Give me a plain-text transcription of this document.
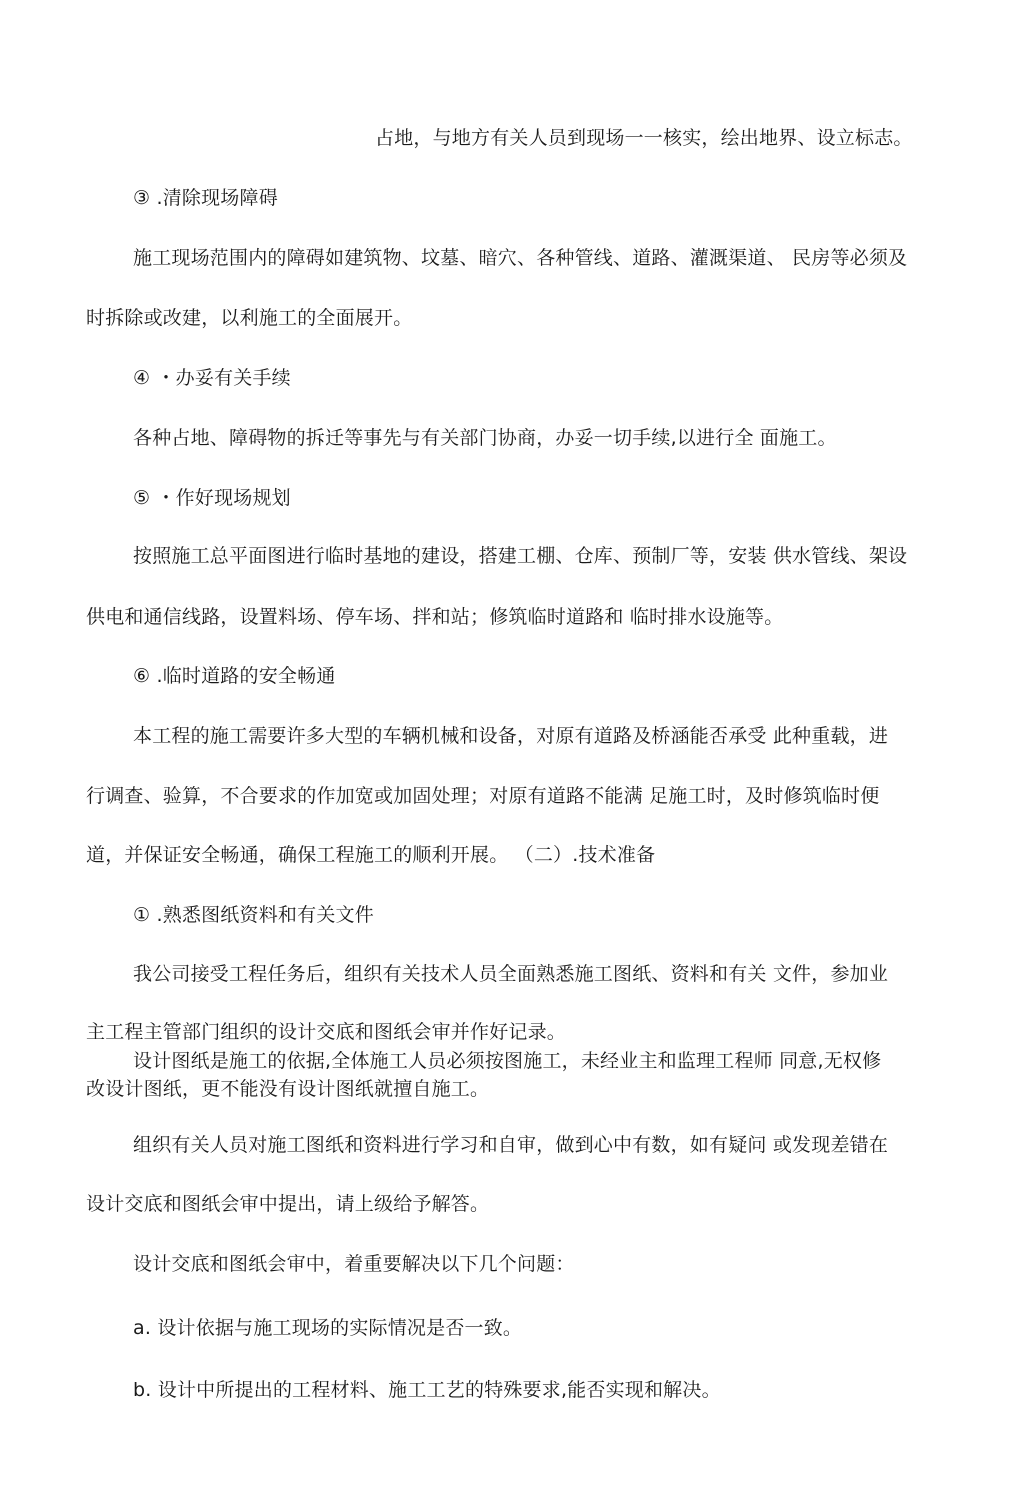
占地，与地方有关人员到现场一一核实，绘出地界、设立标志。
③ .清除现场障碍
施工现场范围内的障碍如建筑物、坟墓、暗穴、各种管线、道路、灌溉渠道、 民房等必须及
时拆除或改建，以利施工的全面展开。
④ ・办妥有关手续
各种占地、障碍物的拆迁等事先与有关部门协商，办妥一切手续,以进行全 面施工。
⑤ ・作好现场规划
按照施工总平面图进行临时基地的建设，搭建工棚、仓库、预制厂等，安装 供水管线、架设
供电和通信线路，设置料场、停车场、拌和站；修筑临时道路和 临时排水设施等。
⑥ .临时道路的安全畅通
本工程的施工需要许多大型的车辆机械和设备，对原有道路及桥涵能否承受 此种重载，进
行调查、验算，不合要求的作加宽或加固处理；对原有道路不能满 足施工时，及时修筑临时便
道，并保证安全畅通，确保工程施工的顺利开展。 （二）.技术准备
① .熟悉图纸资料和有关文件
我公司接受工程任务后，组织有关技术人员全面熟悉施工图纸、资料和有关 文件，参加业
主工程主管部门组织的设计交底和图纸会审并作好记录。
设计图纸是施工的依据,全体施工人员必须按图施工，未经业主和监理工程师 同意,无权修
改设计图纸，更不能没有设计图纸就擅自施工。
组织有关人员对施工图纸和资料进行学习和自审，做到心中有数，如有疑问 或发现差错在
设计交底和图纸会审中提出，请上级给予解答。
设计交底和图纸会审中，着重要解决以下几个问题：
a. 设计依据与施工现场的实际情况是否一致。
b. 设计中所提出的工程材料、施工工艺的特殊要求,能否实现和解决。
